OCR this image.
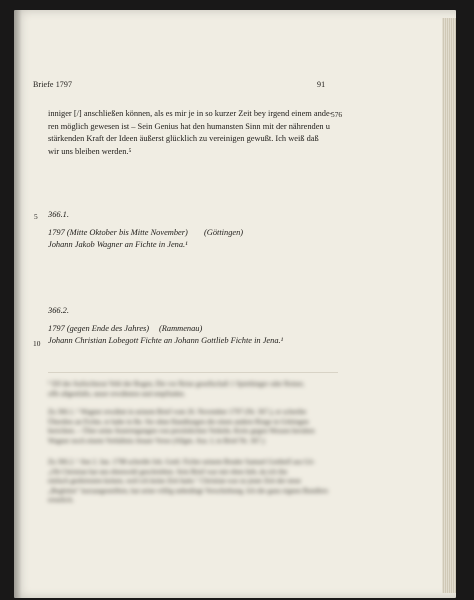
Briefe 1797	91
inniger [/] anschließen können, als es mir je in so kurzer Zeit bey irgend einem ande-
ren möglich gewesen ist – Sein Genius hat den humansten Sinn mit der nährenden u
stärkenden Kraft der Ideen äußerst glücklich zu vereinigen gewußt. Ich weiß daß
wir uns bleiben werden.⁵
576
5 366.1.
1797 (Mitte Oktober bis Mitte November) (Göttingen)
Johann Jakob Wagner an Fichte in Jena.¹
366.2.
1797 (gegen Ende des Jahres) (Rammenau)
10 Johann Christian Lobegott Fichte an Johann Gottlieb Fichte in Jena.¹
⁵ Elf der Aufsichtsrat Vehl der Bogen, Die vor Reise gesellschaft 1 Spiethinger oder Reiner,
offe allgenfalls, unser erwähnten und empfinden.
Zu 366.1. ¹ Wagner erwähnt in seinem Brief vom 26. November 1797 (Nr. 367.), er schreibe
Überdies an Fichte, er habe in Ihr. Sie ohne Handlungen die einen andern Ringe in Göttingen
berichten. – Über seine Anstrengungen von persönlichen Verkehr, Kreis gegen Wessen beruhen
Wagner noch einem Verhältnis Jenaer Verse (Allgm. Aus. I, in Brief Nr. 367.)
Zu 366.2. ¹ Am 2. Jan. 1798 schreibt Joh. Gottl. Fichte seinem Bruder Samuel Gotthelf aus Gö-
„Ob Christian hat uns ebenwohl geschrieben. Sein Brief war mir eben lieb, da ich ihn
einfach geehrtesten keinen, weil ich keine Zeit hatte." Christian war zu jener Zeit der neue
„Begleiter" kurzangestellten, hat seine völlig unbedingt Verschiebung. Ich die ganz eignen Bundlers
ernstlich.
